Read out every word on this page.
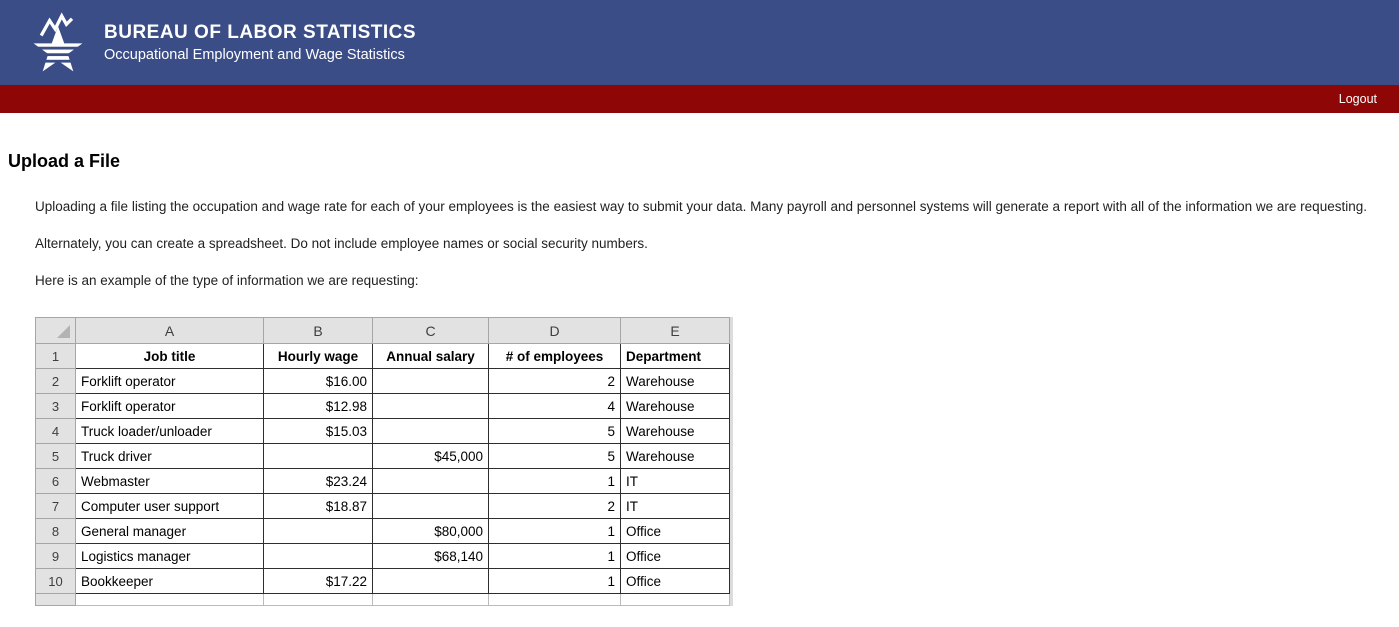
BUREAU OF LABOR STATISTICS
Occupational Employment and Wage Statistics
Logout
Upload a File

Uploading a file listing the occupation and wage rate for each of your employees is the easiest way to submit your data. Many payroll and personnel systems will generate a report with all of the information we are requesting.

Alternately, you can create a spreadsheet. Do not include employee names or social security numbers.

Here is an example of the type of information we are requesting:

	A	B	C	D	E
1	Job title	Hourly wage	Annual salary	# of employees	Department
2	Forklift operator	$16.00		2	Warehouse
3	Forklift operator	$12.98		4	Warehouse
4	Truck loader/unloader	$15.03		5	Warehouse
5	Truck driver		$45,000	5	Warehouse
6	Webmaster	$23.24		1	IT
7	Computer user support	$18.87		2	IT
8	General manager		$80,000	1	Office
9	Logistics manager		$68,140	1	Office
10	Bookkeeper	$17.22		1	Office
